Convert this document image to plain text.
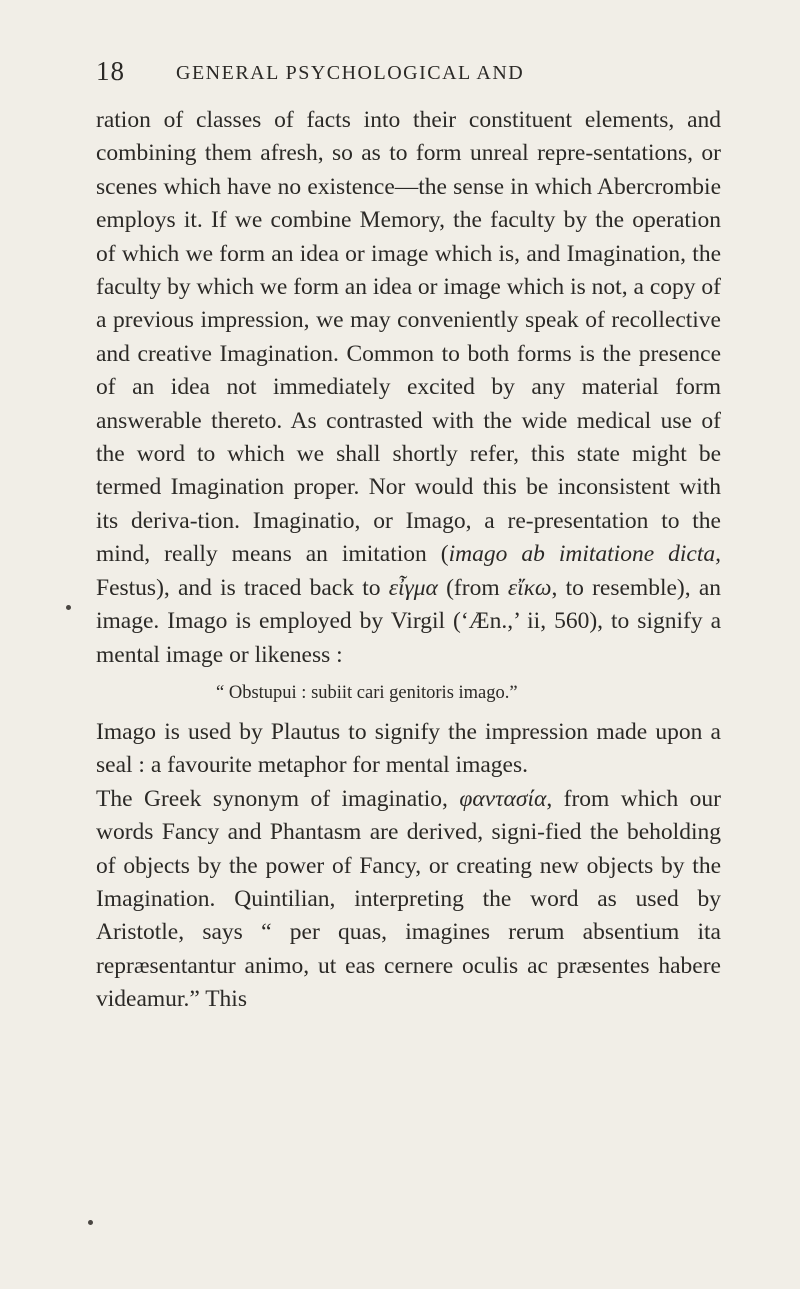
18	GENERAL PSYCHOLOGICAL AND

ration of classes of facts into their constituent elements, and combining them afresh, so as to form unreal repre-sentations, or scenes which have no existence—the sense in which Abercrombie employs it. If we combine Memory, the faculty by the operation of which we form an idea or image which is, and Imagination, the faculty by which we form an idea or image which is not, a copy of a previous impression, we may conveniently speak of recollective and creative Imagination. Common to both forms is the presence of an idea not immediately excited by any material form answerable thereto. As contrasted with the wide medical use of the word to which we shall shortly refer, this state might be termed Imagination proper. Nor would this be inconsistent with its deriva-tion. Imaginatio, or Imago, a re-presentation to the mind, really means an imitation (imago ab imitatione dicta, Festus), and is traced back to εἶγμα (from εἴκω, to resemble), an image. Imago is employed by Virgil (‘Æn.,’ ii, 560), to signify a mental image or likeness :

“ Obstupui : subiit cari genitoris imago.”

Imago is used by Plautus to signify the impression made upon a seal : a favourite metaphor for mental images.

The Greek synonym of imaginatio, φαντασία, from which our words Fancy and Phantasm are derived, signi-fied the beholding of objects by the power of Fancy, or creating new objects by the Imagination. Quintilian, interpreting the word as used by Aristotle, says “ per quas, imagines rerum absentium ita repræsentantur animo, ut eas cernere oculis ac præsentes habere videamur.” This
